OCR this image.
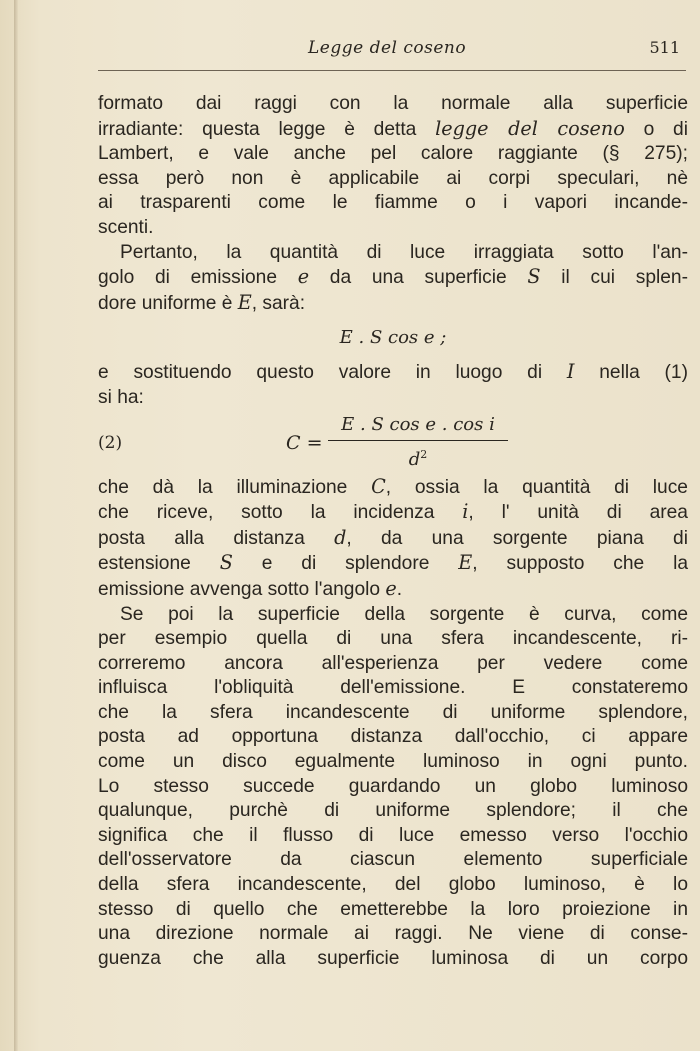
Legge del coseno	511
formato dai raggi con la normale alla superficie
irradiante: questa legge è detta legge del coseno o di
Lambert, e vale anche pel calore raggiante (§ 275);
essa però non è applicabile ai corpi speculari, nè
ai trasparenti come le fiamme o i vapori incande-
scenti.
Pertanto, la quantità di luce irraggiata sotto l'an-
golo di emissione e da una superficie S il cui splen-
dore uniforme è E, sarà:
E . S cos e ;
e sostituendo questo valore in luogo di I nella (1)
si ha:
(2)	$C = \frac{\text{E . S cos e . cos i}}{d^2}$
che dà la illuminazione C, ossia la quantità di luce
che riceve, sotto la incidenza i, l' unità di area
posta alla distanza d, da una sorgente piana di
estensione S e di splendore E, supposto che la
emissione avvenga sotto l'angolo e.
Se poi la superficie della sorgente è curva, come
per esempio quella di una sfera incandescente, ri-
correremo ancora all'esperienza per vedere come
influisca l'obliquità dell'emissione. E constateremo
che la sfera incandescente di uniforme splendore,
posta ad opportuna distanza dall'occhio, ci appare
come un disco egualmente luminoso in ogni punto.
Lo stesso succede guardando un globo luminoso
qualunque, purchè di uniforme splendore; il che
significa che il flusso di luce emesso verso l'occhio
dell'osservatore da ciascun elemento superficiale
della sfera incandescente, del globo luminoso, è lo
stesso di quello che emetterebbe la loro proiezione in
una direzione normale ai raggi. Ne viene di conse-
guenza che alla superficie luminosa di un corpo
